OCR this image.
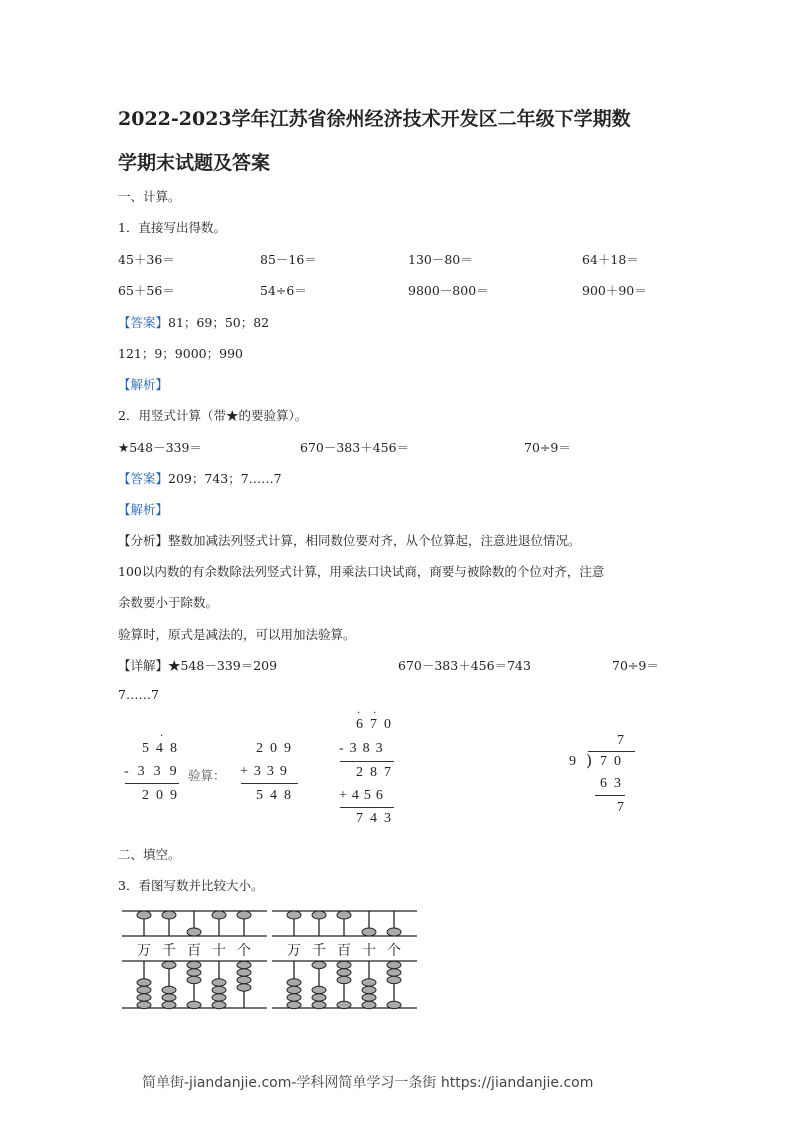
2022-2023学年江苏省徐州经济技术开发区二年级下学期数
学期末试题及答案
一、计算。
1．直接写出得数。
45＋36＝	85－16＝	130－80＝	64＋18＝
65＋56＝	54÷6＝	9800－800＝	900＋90＝
【答案】81；69；50；82
121；9；9000；990
【解析】
2．用竖式计算（带★的要验算）。
★548－339＝	670－383＋456＝	70÷9＝
【答案】209；743；7……7
【解析】
【分析】整数加减法列竖式计算，相同数位要对齐，从个位算起，注意进退位情况。
100以内数的有余数除法列竖式计算，用乘法口诀试商，商要与被除数的个位对齐，注意
余数要小于除数。
验算时，原式是减法的，可以用加法验算。
【详解】★548－339＝209	670－383＋456＝743	70÷9＝
7……7
548
·
-339
209
验算：
209
+339
548
··
670
-383
287
+456
743
7
9 ) 70
63
7
二、填空。
3．看图写数并比较大小。
万 千 百 十 个	万 千 百 十 个
简单街-jiandanjie.com-学科网简单学习一条街 https://jiandanjie.com
